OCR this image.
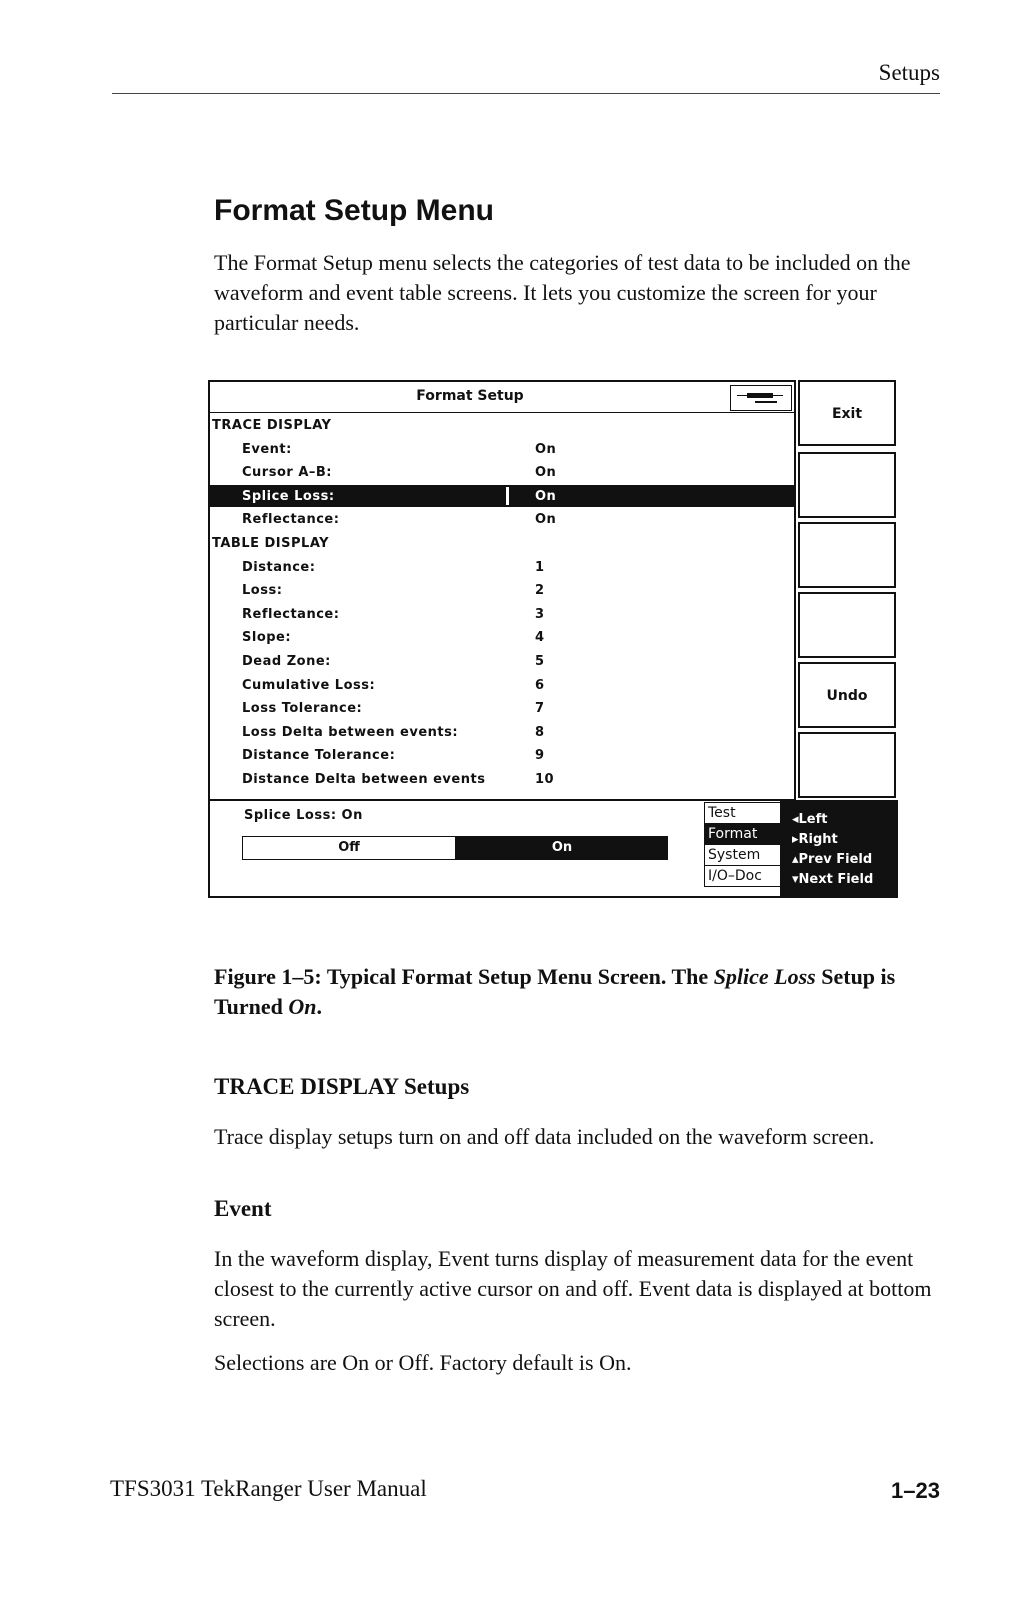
Setups
Format Setup Menu
The Format Setup menu selects the categories of test data to be included on the waveform and event table screens. It lets you customize the screen for your particular needs.
Format Setup
TRACE DISPLAY
Event:	On
Cursor A–B:	On
Splice Loss:	On
Reflectance:	On
TABLE DISPLAY
Distance:	1
Loss:	2
Reflectance:	3
Slope:	4
Dead Zone:	5
Cumulative Loss:	6
Loss Tolerance:	7
Loss Delta between events:	8
Distance Tolerance:	9
Distance Delta between events	10
Splice Loss: On
Off	On
Test
Format
System
I/O–Doc
Exit
Undo
◂Left
▸Right
▴Prev Field
▾Next Field
Figure 1–5: Typical Format Setup Menu Screen. The Splice Loss Setup is Turned On.
TRACE DISPLAY Setups
Trace display setups turn on and off data included on the waveform screen.
Event
In the waveform display, Event turns display of measurement data for the event closest to the currently active cursor on and off. Event data is displayed at bottom screen.
Selections are On or Off. Factory default is On.
TFS3031 TekRanger User Manual	1–23
